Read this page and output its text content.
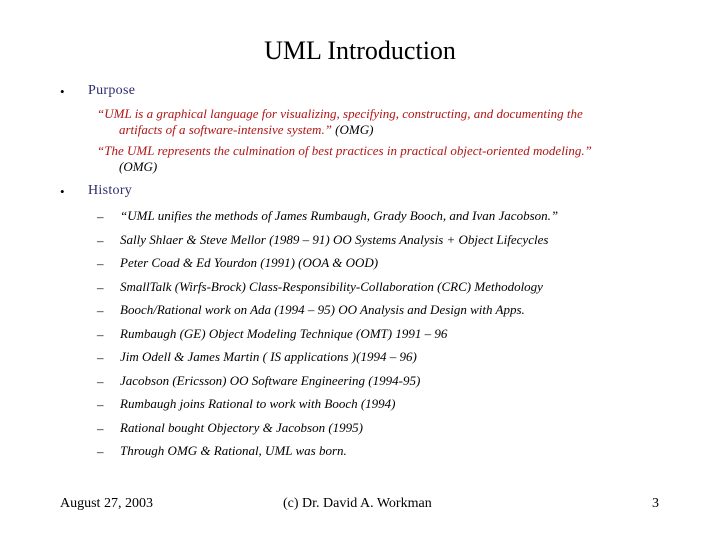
UML Introduction
• Purpose
“UML is a graphical language for visualizing, specifying, constructing, and documenting the
artifacts of a software-intensive system.” (OMG)
“The UML represents the culmination of best practices in practical object-oriented modeling.”
(OMG)
• History
– “UML unifies the methods of James Rumbaugh, Grady Booch, and Ivan Jacobson.”
– Sally Shlaer & Steve Mellor (1989 – 91) OO Systems Analysis + Object Lifecycles
– Peter Coad & Ed Yourdon (1991) (OOA & OOD)
– SmallTalk (Wirfs-Brock) Class-Responsibility-Collaboration (CRC) Methodology
– Booch/Rational work on Ada (1994 – 95) OO Analysis and Design with Apps.
– Rumbaugh (GE) Object Modeling Technique (OMT) 1991 – 96
– Jim Odell & James Martin ( IS applications )(1994 – 96)
– Jacobson (Ericsson) OO Software Engineering (1994-95)
– Rumbaugh joins Rational to work with Booch (1994)
– Rational bought Objectory & Jacobson (1995)
– Through OMG & Rational, UML was born.
August 27, 2003	(c) Dr. David A. Workman	3
